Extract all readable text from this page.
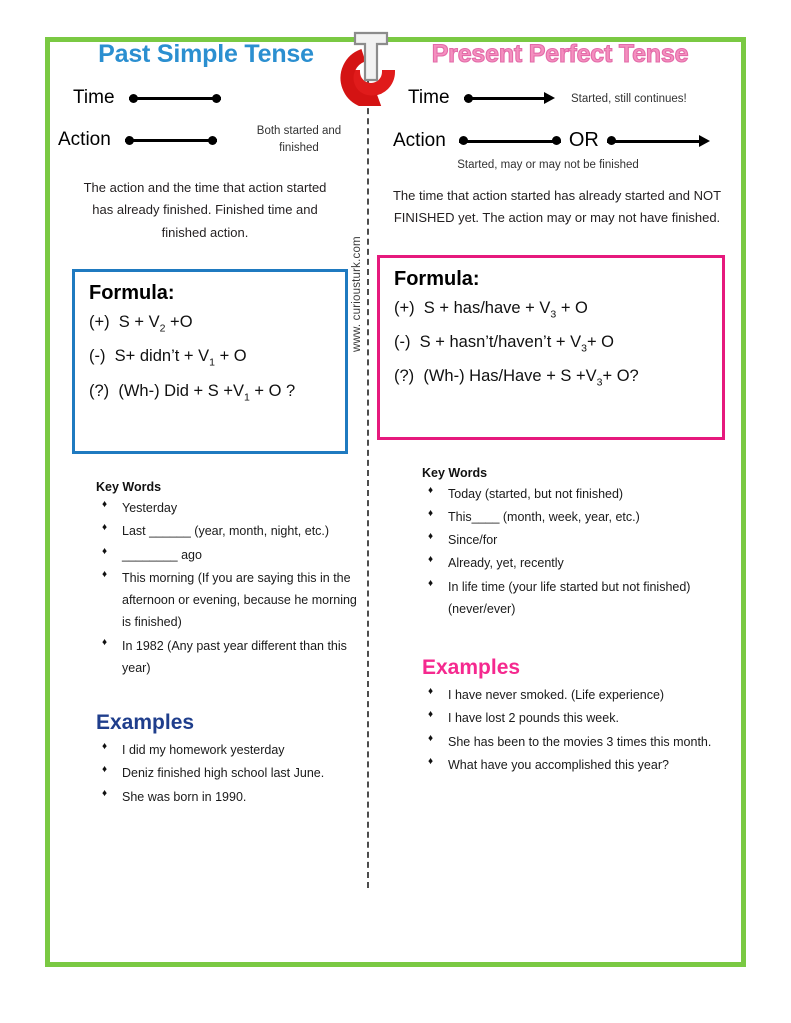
www. curiousturk.com
Past Simple Tense
Time
Action	Both started and finished
The action and the time that action started has already finished. Finished time and finished action.

Formula:

(+) $S + V_2 +O$

(-) S+ didn’t + $V_1 + O$

(?) (Wh-) Did + $S +V_1 + O$ ?

Key Words

♦ Yesterday
♦ Last ______ (year, month, night, etc.)
♦ ________ ago
♦ This morning (If you are saying this in the afternoon or evening, because he morning is finished)
♦ In 1982 (Any past year different than this year)

Examples

♦ I did my homework yesterday
♦ Deniz finished high school last June.
♦ She was born in 1990.
Present Perfect Tense
Time	Started, still continues!
Action	OR
Started, may or may not be finished
The time that action started has already started and NOT FINISHED yet. The action may or may not have finished.

Formula:

(+) S + has/have + $V_3 + O$

(-) S + hasn’t/haven’t + $V_3+ O$

(?) (Wh-) Has/Have + $S +V_3+ O$?

Key Words

♦ Today (started, but not finished)
♦ This____ (month, week, year, etc.)
♦ Since/for
♦ Already, yet, recently
♦ In life time (your life started but not finished) (never/ever)

Examples

♦ I have never smoked. (Life experience)
♦ I have lost 2 pounds this week.
♦ She has been to the movies 3 times this month.
♦ What have you accomplished this year?
